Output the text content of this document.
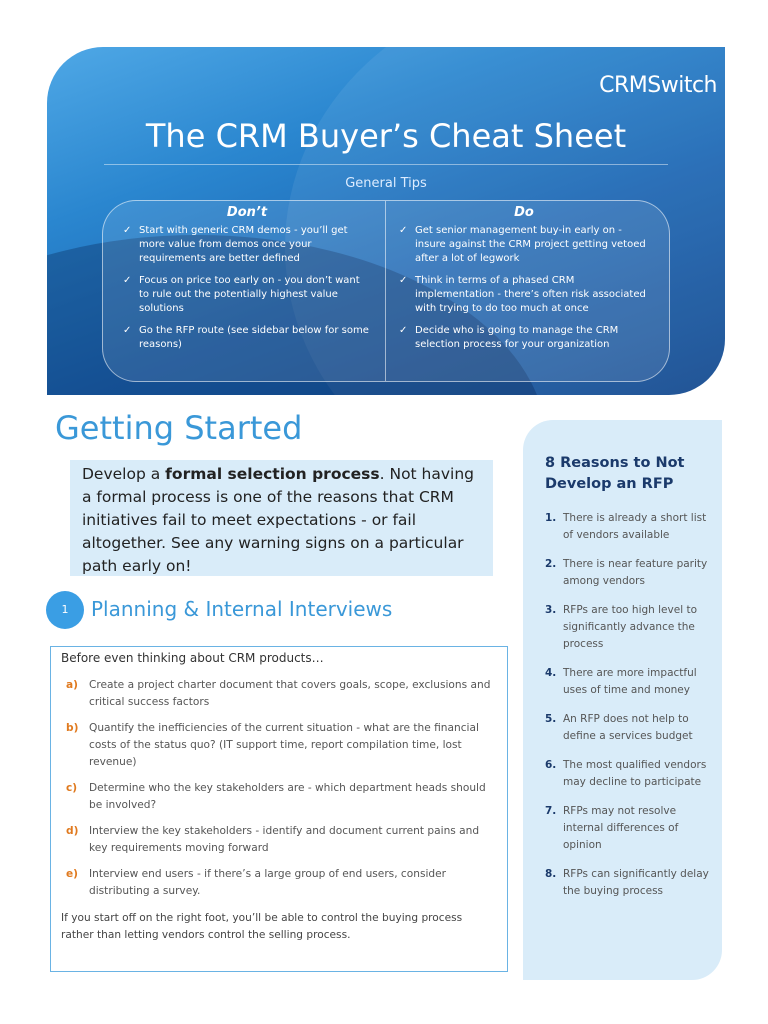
CRMSwitch
The CRM Buyer’s Cheat Sheet
General Tips
Don’t
✓ Start with generic CRM demos - you’ll get more value from demos once your requirements are better defined
✓ Focus on price too early on - you don’t want to rule out the potentially highest value solutions
✓ Go the RFP route (see sidebar below for some reasons)
Do
✓ Get senior management buy-in early on - insure against the CRM project getting vetoed after a lot of legwork
✓ Think in terms of a phased CRM implementation - there’s often risk associated with trying to do too much at once
✓ Decide who is going to manage the CRM selection process for your organization
Getting Started

Develop a formal selection process. Not having a formal process is one of the reasons that CRM initiatives fail to meet expectations - or fail altogether. See any warning signs on a particular path early on!

1	Planning & Internal Interviews

Before even thinking about CRM products…

a) Create a project charter document that covers goals, scope, exclusions and critical success factors
b) Quantify the inefficiencies of the current situation - what are the financial costs of the status quo? (IT support time, report compilation time, lost revenue)
c) Determine who the key stakeholders are - which department heads should be involved?
d) Interview the key stakeholders - identify and document current pains and key requirements moving forward
e) Interview end users - if there’s a large group of end users, consider distributing a survey.
If you start off on the right foot, you’ll be able to control the buying process rather than letting vendors control the selling process.
8 Reasons to Not Develop an RFP
1. There is already a short list of vendors available
2. There is near feature parity among vendors
3. RFPs are too high level to significantly advance the process
4. There are more impactful uses of time and money
5. An RFP does not help to define a services budget
6. The most qualified vendors may decline to participate
7. RFPs may not resolve internal differences of opinion
8. RFPs can significantly delay the buying process
